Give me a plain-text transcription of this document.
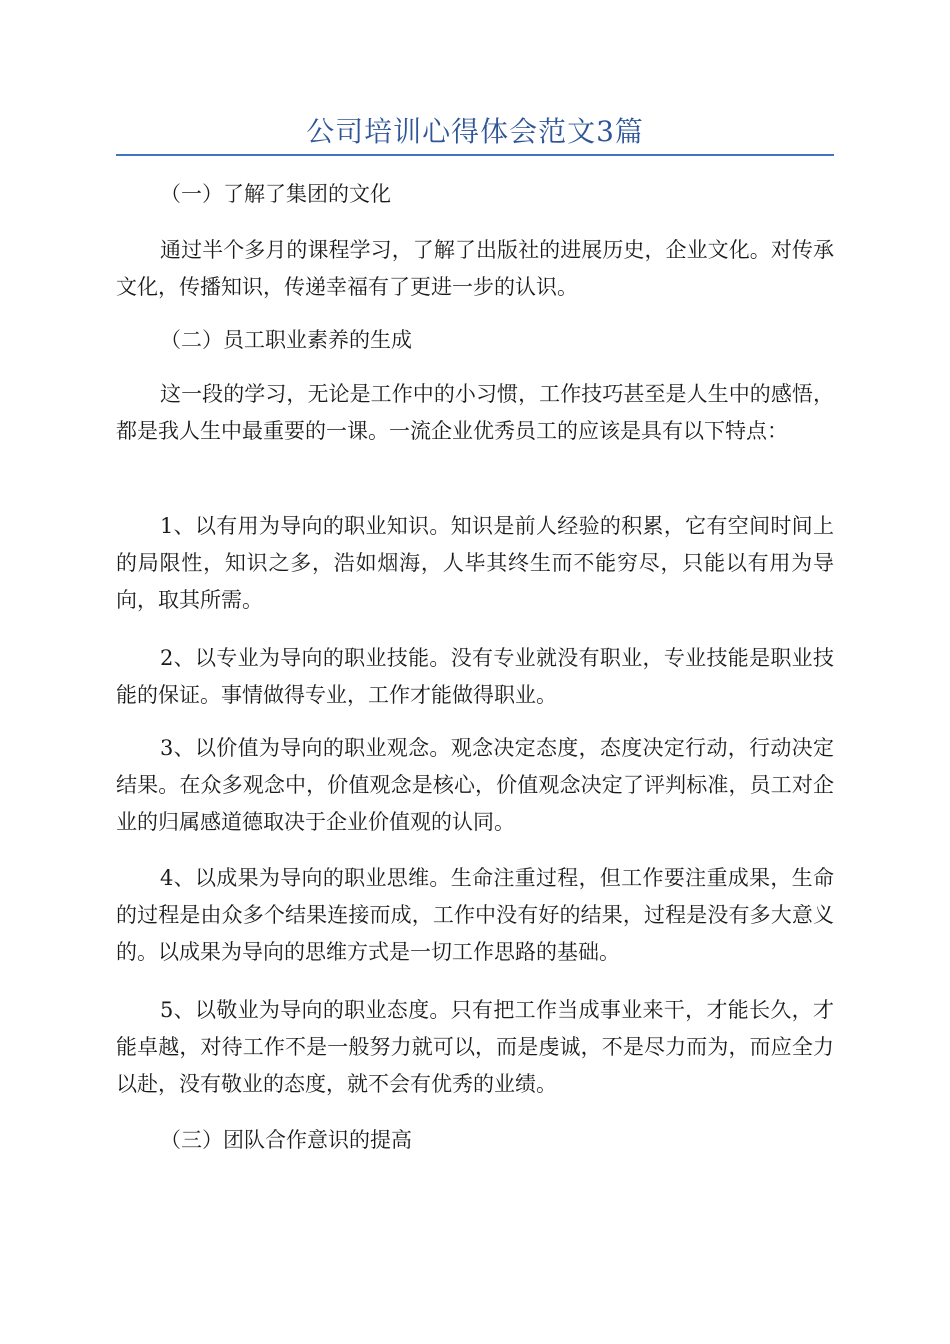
公司培训心得体会范文3篇

（一）了解了集团的文化

通过半个多月的课程学习，了解了出版社的进展历史，企业文化。对传承文化，传播知识，传递幸福有了更进一步的认识。

（二）员工职业素养的生成

这一段的学习，无论是工作中的小习惯，工作技巧甚至是人生中的感悟，都是我人生中最重要的一课。一流企业优秀员工的应该是具有以下特点：

1、以有用为导向的职业知识。知识是前人经验的积累，它有空间时间上的局限性，知识之多，浩如烟海，人毕其终生而不能穷尽，只能以有用为导向，取其所需。

2、以专业为导向的职业技能。没有专业就没有职业，专业技能是职业技能的保证。事情做得专业，工作才能做得职业。

3、以价值为导向的职业观念。观念决定态度，态度决定行动，行动决定结果。在众多观念中，价值观念是核心，价值观念决定了评判标准，员工对企业的归属感道德取决于企业价值观的认同。

4、以成果为导向的职业思维。生命注重过程，但工作要注重成果，生命的过程是由众多个结果连接而成，工作中没有好的结果，过程是没有多大意义的。以成果为导向的思维方式是一切工作思路的基础。

5、以敬业为导向的职业态度。只有把工作当成事业来干，才能长久，才能卓越，对待工作不是一般努力就可以，而是虔诚，不是尽力而为，而应全力以赴，没有敬业的态度，就不会有优秀的业绩。

（三）团队合作意识的提高
